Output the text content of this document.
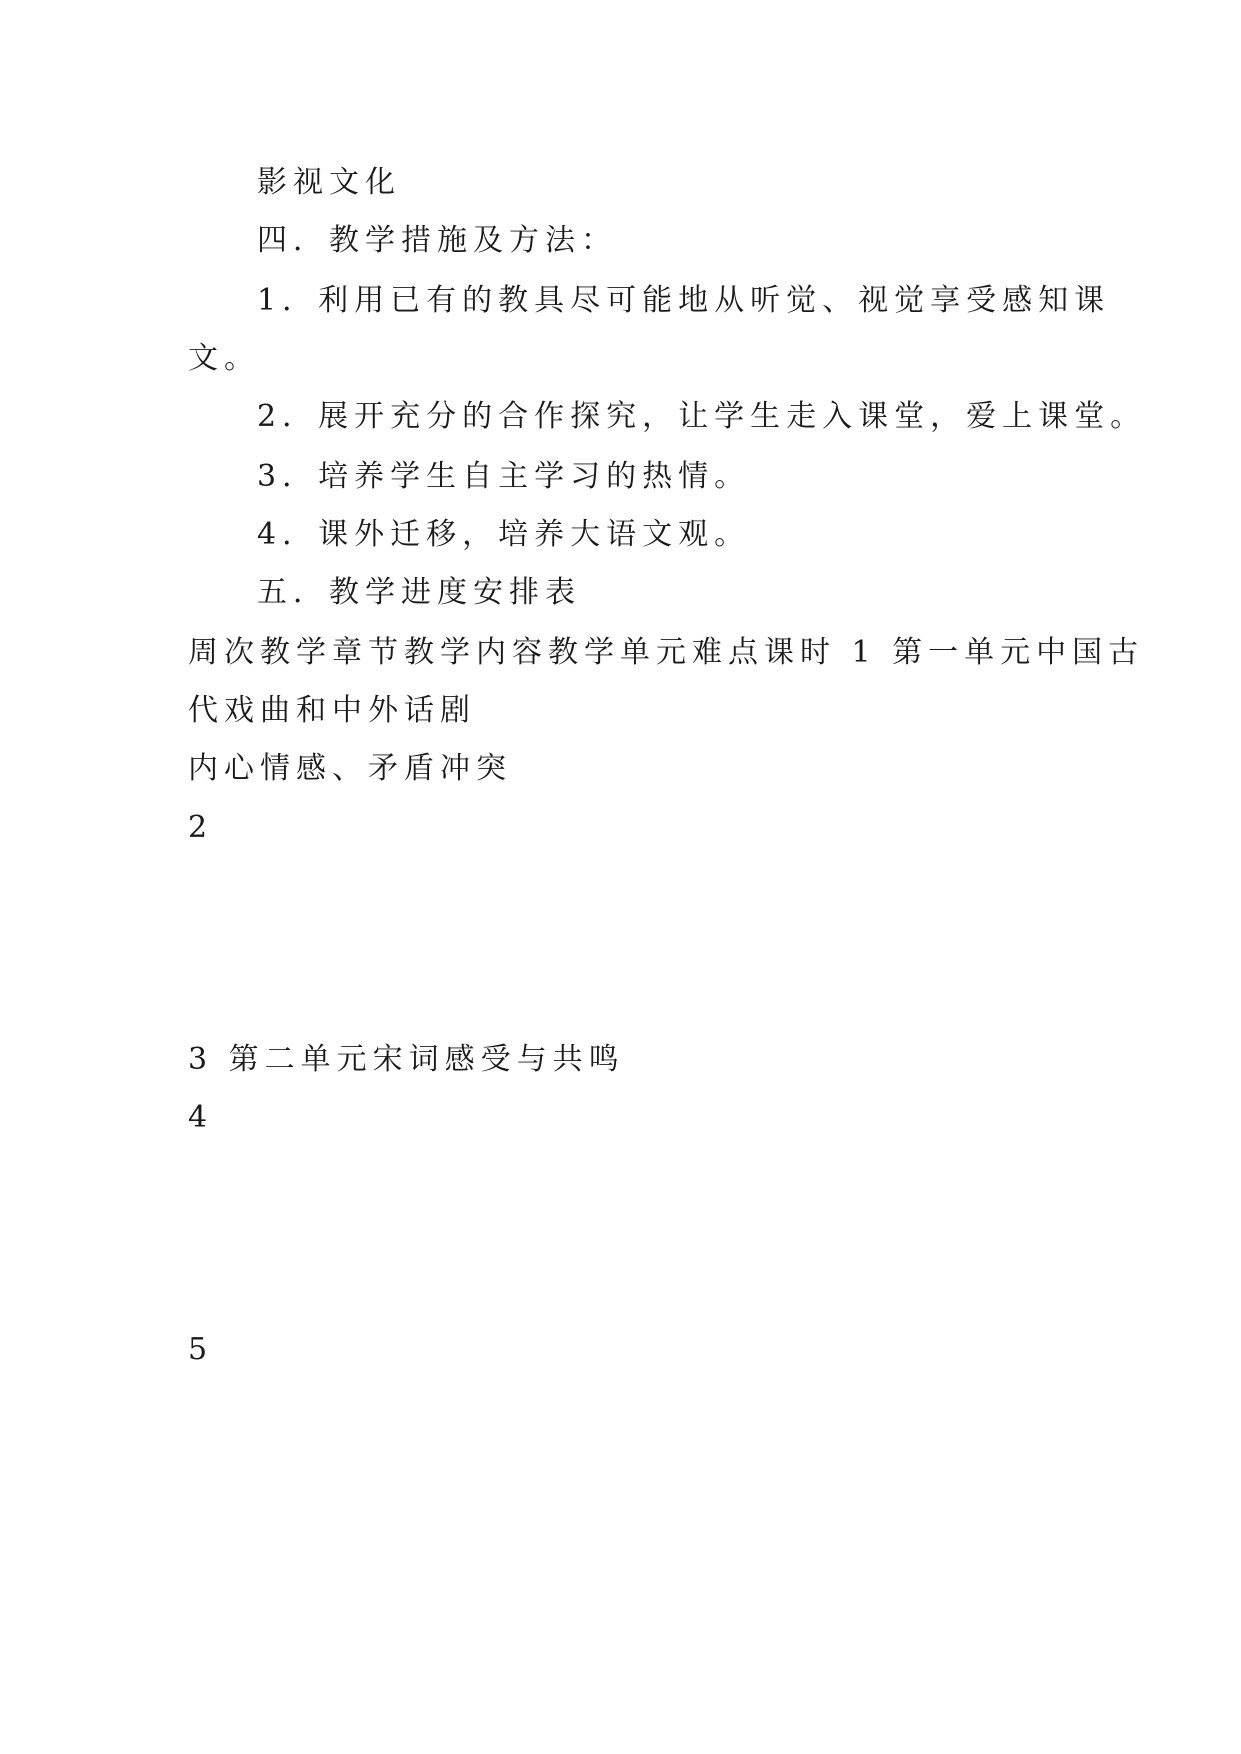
影视文化
四．教学措施及方法：
1．利用已有的教具尽可能地从听觉、视觉享受感知课
文。
2．展开充分的合作探究，让学生走入课堂，爱上课堂。
3．培养学生自主学习的热情。
4．课外迁移，培养大语文观。
五．教学进度安排表
周次教学章节教学内容教学单元难点课时 1 第一单元中国古
代戏曲和中外话剧
内心情感、矛盾冲突
2
3 第二单元宋词感受与共鸣
4
5
